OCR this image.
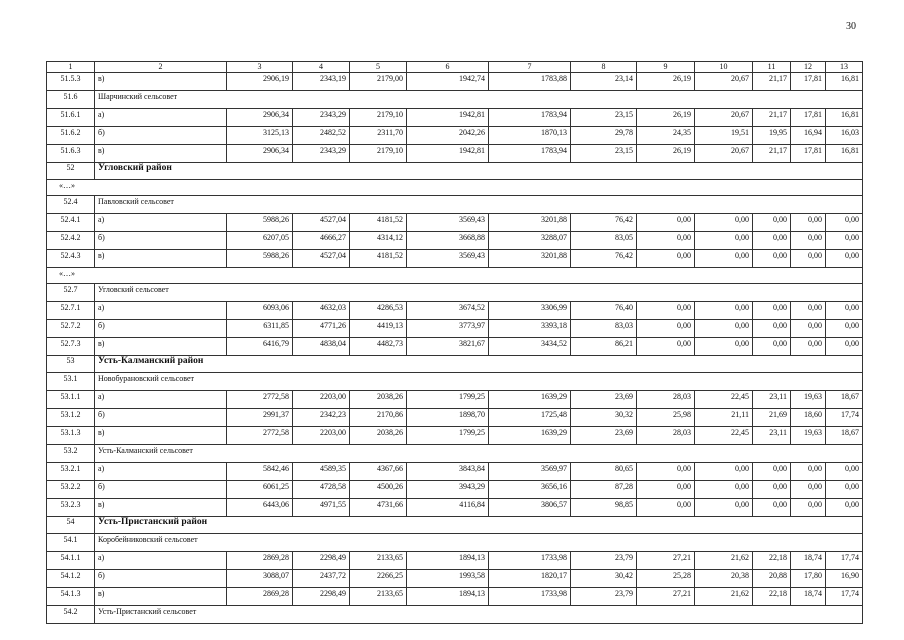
30
1	2	3	4	5	6	7	8	9	10	11	12	13
51.5.3	в)	2906,19	2343,19	2179,00	1942,74	1783,88	23,14	26,19	20,67	21,17	17,81	16,81
51.6	Шарчинский сельсовет											
51.6.1	а)	2906,34	2343,29	2179,10	1942,81	1783,94	23,15	26,19	20,67	21,17	17,81	16,81
51.6.2	б)	3125,13	2482,52	2311,70	2042,26	1870,13	29,78	24,35	19,51	19,95	16,94	16,03
51.6.3	в)	2906,34	2343,29	2179,10	1942,81	1783,94	23,15	26,19	20,67	21,17	17,81	16,81
52	Угловский район											
«…»												
52.4	Павловский сельсовет											
52.4.1	а)	5988,26	4527,04	4181,52	3569,43	3201,88	76,42	0,00	0,00	0,00	0,00	0,00
52.4.2	б)	6207,05	4666,27	4314,12	3668,88	3288,07	83,05	0,00	0,00	0,00	0,00	0,00
52.4.3	в)	5988,26	4527,04	4181,52	3569,43	3201,88	76,42	0,00	0,00	0,00	0,00	0,00
«…»												
52.7	Угловский сельсовет											
52.7.1	а)	6093,06	4632,03	4286,53	3674,52	3306,99	76,40	0,00	0,00	0,00	0,00	0,00
52.7.2	б)	6311,85	4771,26	4419,13	3773,97	3393,18	83,03	0,00	0,00	0,00	0,00	0,00
52.7.3	в)	6416,79	4838,04	4482,73	3821,67	3434,52	86,21	0,00	0,00	0,00	0,00	0,00
53	Усть-Калманский район											
53.1	Новобурановский сельсовет											
53.1.1	а)	2772,58	2203,00	2038,26	1799,25	1639,29	23,69	28,03	22,45	23,11	19,63	18,67
53.1.2	б)	2991,37	2342,23	2170,86	1898,70	1725,48	30,32	25,98	21,11	21,69	18,60	17,74
53.1.3	в)	2772,58	2203,00	2038,26	1799,25	1639,29	23,69	28,03	22,45	23,11	19,63	18,67
53.2	Усть-Калманский сельсовет											
53.2.1	а)	5842,46	4589,35	4367,66	3843,84	3569,97	80,65	0,00	0,00	0,00	0,00	0,00
53.2.2	б)	6061,25	4728,58	4500,26	3943,29	3656,16	87,28	0,00	0,00	0,00	0,00	0,00
53.2.3	в)	6443,06	4971,55	4731,66	4116,84	3806,57	98,85	0,00	0,00	0,00	0,00	0,00
54	Усть-Пристанский район											
54.1	Коробейниковский сельсовет											
54.1.1	а)	2869,28	2298,49	2133,65	1894,13	1733,98	23,79	27,21	21,62	22,18	18,74	17,74
54.1.2	б)	3088,07	2437,72	2266,25	1993,58	1820,17	30,42	25,28	20,38	20,88	17,80	16,90
54.1.3	в)	2869,28	2298,49	2133,65	1894,13	1733,98	23,79	27,21	21,62	22,18	18,74	17,74
54.2	Усть-Пристанский сельсовет											
